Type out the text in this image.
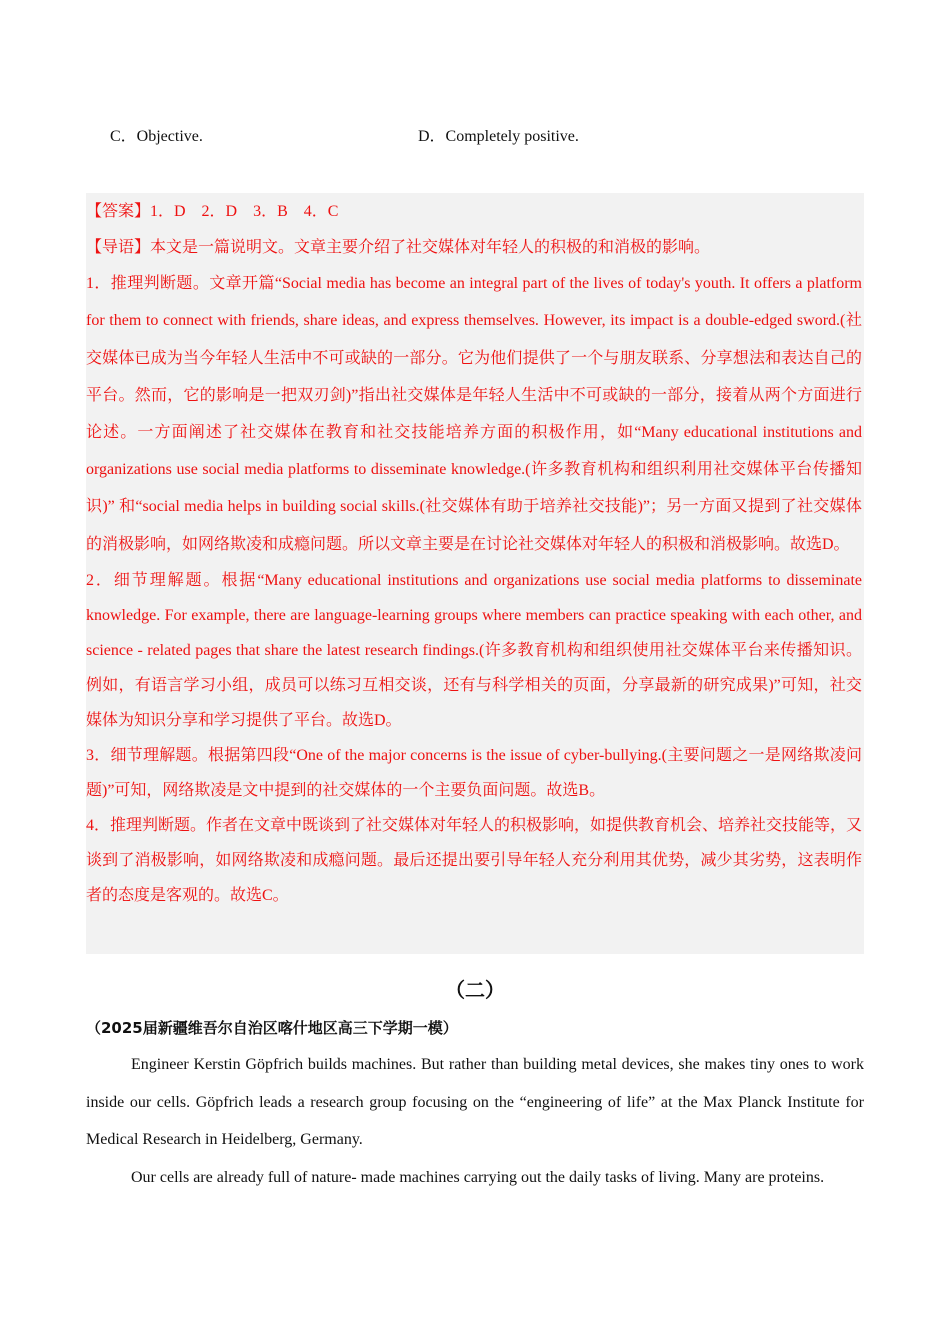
C．Objective.	D．Completely positive.

【答案】1．D　2．D　3．B　4．C

【导语】本文是一篇说明文。文章主要介绍了社交媒体对年轻人的积极的和消极的影响。

1．推理判断题。文章开篇“Social media has become an integral part of the lives of today's youth. It offers a platform for them to connect with friends, share ideas, and express themselves. However, its impact is a double-edged sword.(社交媒体已成为当今年轻人生活中不可或缺的一部分。它为他们提供了一个与朋友联系、分享想法和表达自己的平台。然而，它的影响是一把双刃剑)”指出社交媒体是年轻人生活中不可或缺的一部分，接着从两个方面进行论述。一方面阐述了社交媒体在教育和社交技能培养方面的积极作用，如“Many educational institutions and organizations use social media platforms to disseminate knowledge.(许多教育机构和组织利用社交媒体平台传播知识)” 和“social media helps in building social skills.(社交媒体有助于培养社交技能)”；另一方面又提到了社交媒体的消极影响，如网络欺凌和成瘾问题。所以文章主要是在讨论社交媒体对年轻人的积极和消极影响。故选D。

2．细节理解题。根据“Many educational institutions and organizations use social media platforms to disseminate knowledge. For example, there are language-learning groups where members can practice speaking with each other, and science - related pages that share the latest research findings.(许多教育机构和组织使用社交媒体平台来传播知识。例如，有语言学习小组，成员可以练习互相交谈，还有与科学相关的页面，分享最新的研究成果)”可知，社交媒体为知识分享和学习提供了平台。故选D。

3．细节理解题。根据第四段“One of the major concerns is the issue of cyber-bullying.(主要问题之一是网络欺凌问题)”可知，网络欺凌是文中提到的社交媒体的一个主要负面问题。故选B。

4．推理判断题。作者在文章中既谈到了社交媒体对年轻人的积极影响，如提供教育机会、培养社交技能等，又谈到了消极影响，如网络欺凌和成瘾问题。最后还提出要引导年轻人充分利用其优势，减少其劣势，这表明作者的态度是客观的。故选C。

（二）
（2025届新疆维吾尔自治区喀什地区高三下学期一模）

Engineer Kerstin Göpfrich builds machines. But rather than building metal devices, she makes tiny ones to work inside our cells. Göpfrich leads a research group focusing on the “engineering of life” at the Max Planck Institute for Medical Research in Heidelberg, Germany.

Our cells are already full of nature- made machines carrying out the daily tasks of living. Many are proteins.
